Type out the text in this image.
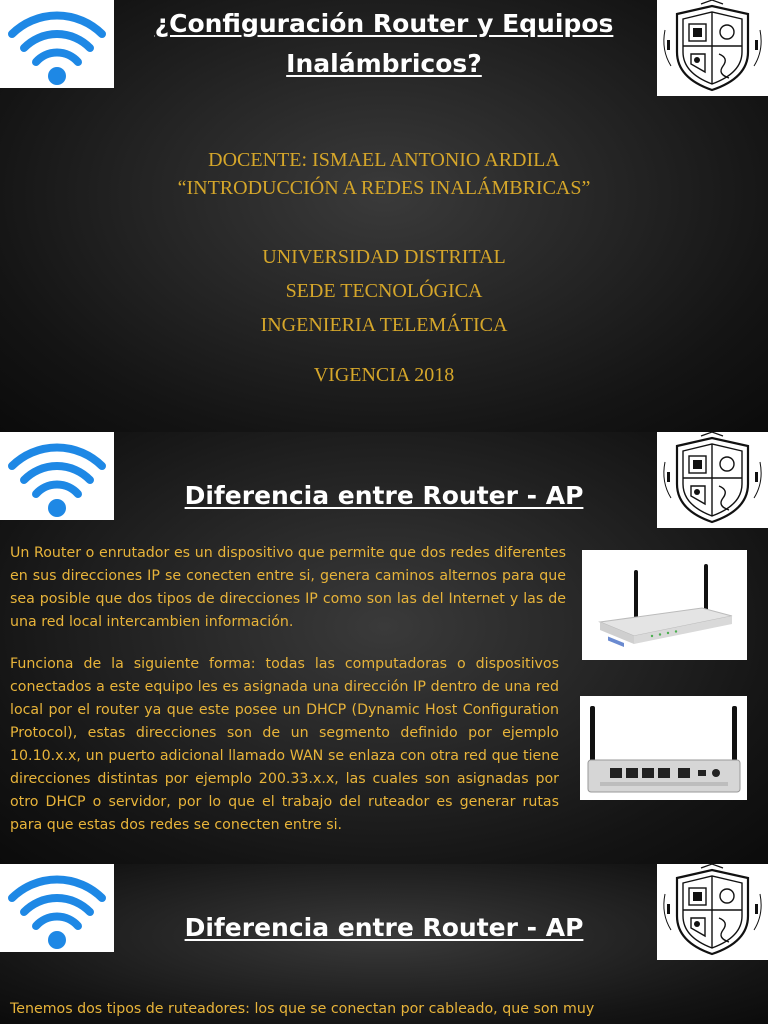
¿Configuración Router y Equipos
Inalámbricos?
DOCENTE: ISMAEL ANTONIO ARDILA
“INTRODUCCIÓN A REDES INALÁMBRICAS”
UNIVERSIDAD DISTRITAL
SEDE TECNOLÓGICA
INGENIERIA TELEMÁTICA
VIGENCIA 2018
Diferencia entre Router - AP

Un Router o enrutador es un dispositivo que permite que dos redes diferentes en sus direcciones IP se conecten entre si, genera caminos alternos para que sea posible que dos tipos de direcciones IP como son las del Internet y las de una red local intercambien información.

Funciona de la siguiente forma: todas las computadoras o dispositivos conectados a este equipo les es asignada una dirección IP dentro de una red local por el router ya que este posee un DHCP (Dynamic Host Configuration Protocol), estas direcciones son de un segmento definido por ejemplo 10.10.x.x, un puerto adicional llamado WAN se enlaza con otra red que tiene direcciones distintas por ejemplo 200.33.x.x, las cuales son asignadas por otro DHCP o servidor, por lo que el trabajo del ruteador es generar rutas para que estas dos redes se conecten entre si.

Diferencia entre Router - AP

Tenemos dos tipos de ruteadores: los que se conectan por cableado, que son muy
